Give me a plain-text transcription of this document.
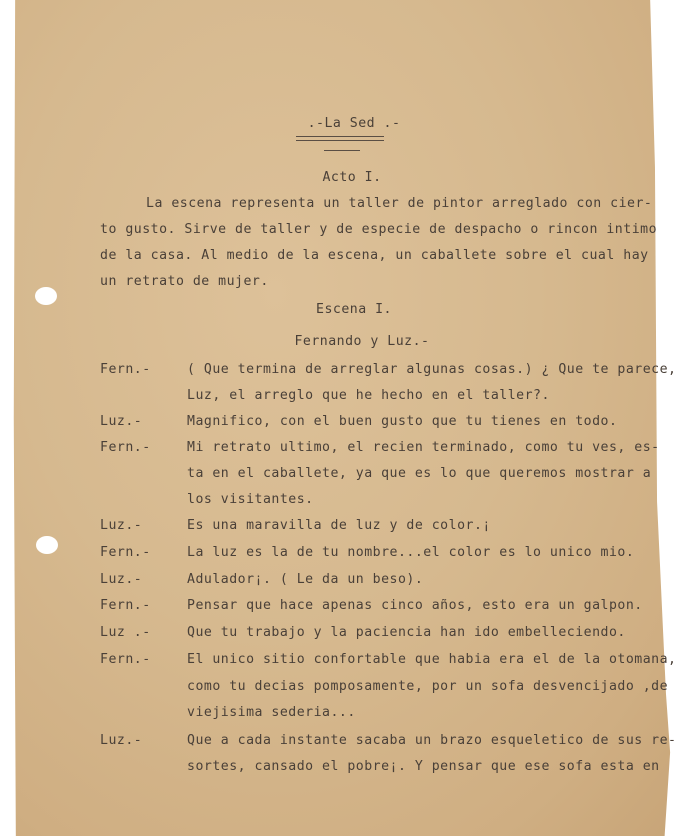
.-La Sed .-
Acto I.
La escena representa un taller de pintor arreglado con cier-
to gusto. Sirve de taller y de especie de despacho o rincon intimo
de la casa. Al medio de la escena, un caballete sobre el cual hay
un retrato de mujer.
Escena I.
Fernando y Luz.-
Fern.-	( Que termina de arreglar algunas cosas.) ¿ Que te parece,
Luz, el arreglo que he hecho en el taller?.
Luz.-	Magnifico, con el buen gusto que tu tienes en todo.
Fern.-	Mi retrato ultimo, el recien terminado, como tu ves, es-
ta en el caballete, ya que es lo que queremos mostrar a
los visitantes.
Luz.-	Es una maravilla de luz y de color.¡
Fern.-	La luz es la de tu nombre...el color es lo unico mio.
Luz.-	Adulador¡. ( Le da un beso).
Fern.-	Pensar que hace apenas cinco años, esto era un galpon.
Luz .-	Que tu trabajo y la paciencia han ido embelleciendo.
Fern.-	El unico sitio confortable que habia era el de la otomana,
como tu decias pomposamente, por un sofa desvencijado ,de
viejisima sederia...
Luz.-	Que a cada instante sacaba un brazo esqueletico de sus re-
sortes, cansado el pobre¡. Y pensar que ese sofa esta en
